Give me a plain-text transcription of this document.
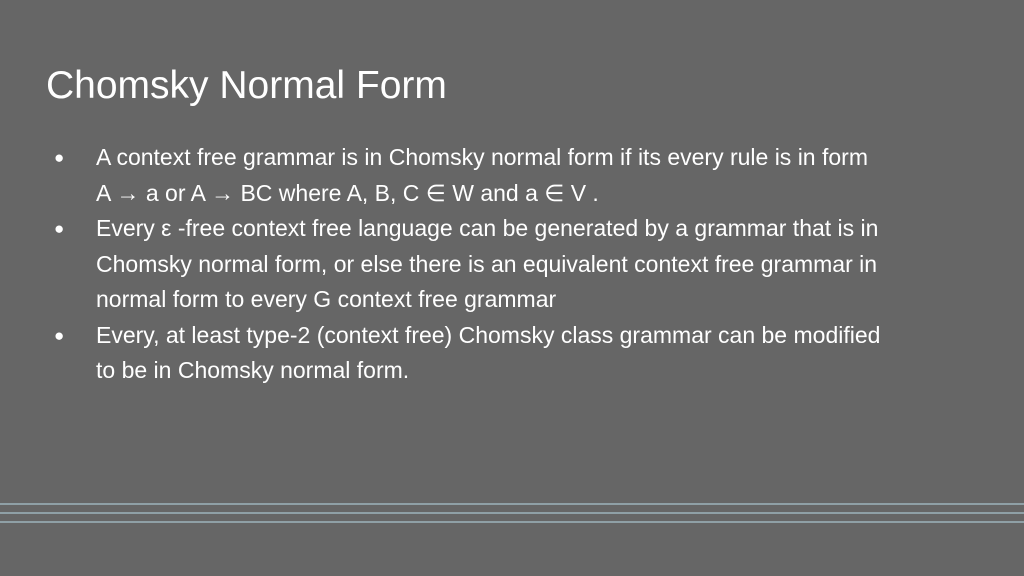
Chomsky Normal Form
●	A context free grammar is in Chomsky normal form if its every rule is in form
A → a or A → BC where A, B, C ∈ W and a ∈ V .
●	Every ε -free context free language can be generated by a grammar that is in
Chomsky normal form, or else there is an equivalent context free grammar in
normal form to every G context free grammar
●	Every, at least type-2 (context free) Chomsky class grammar can be modified
to be in Chomsky normal form.
